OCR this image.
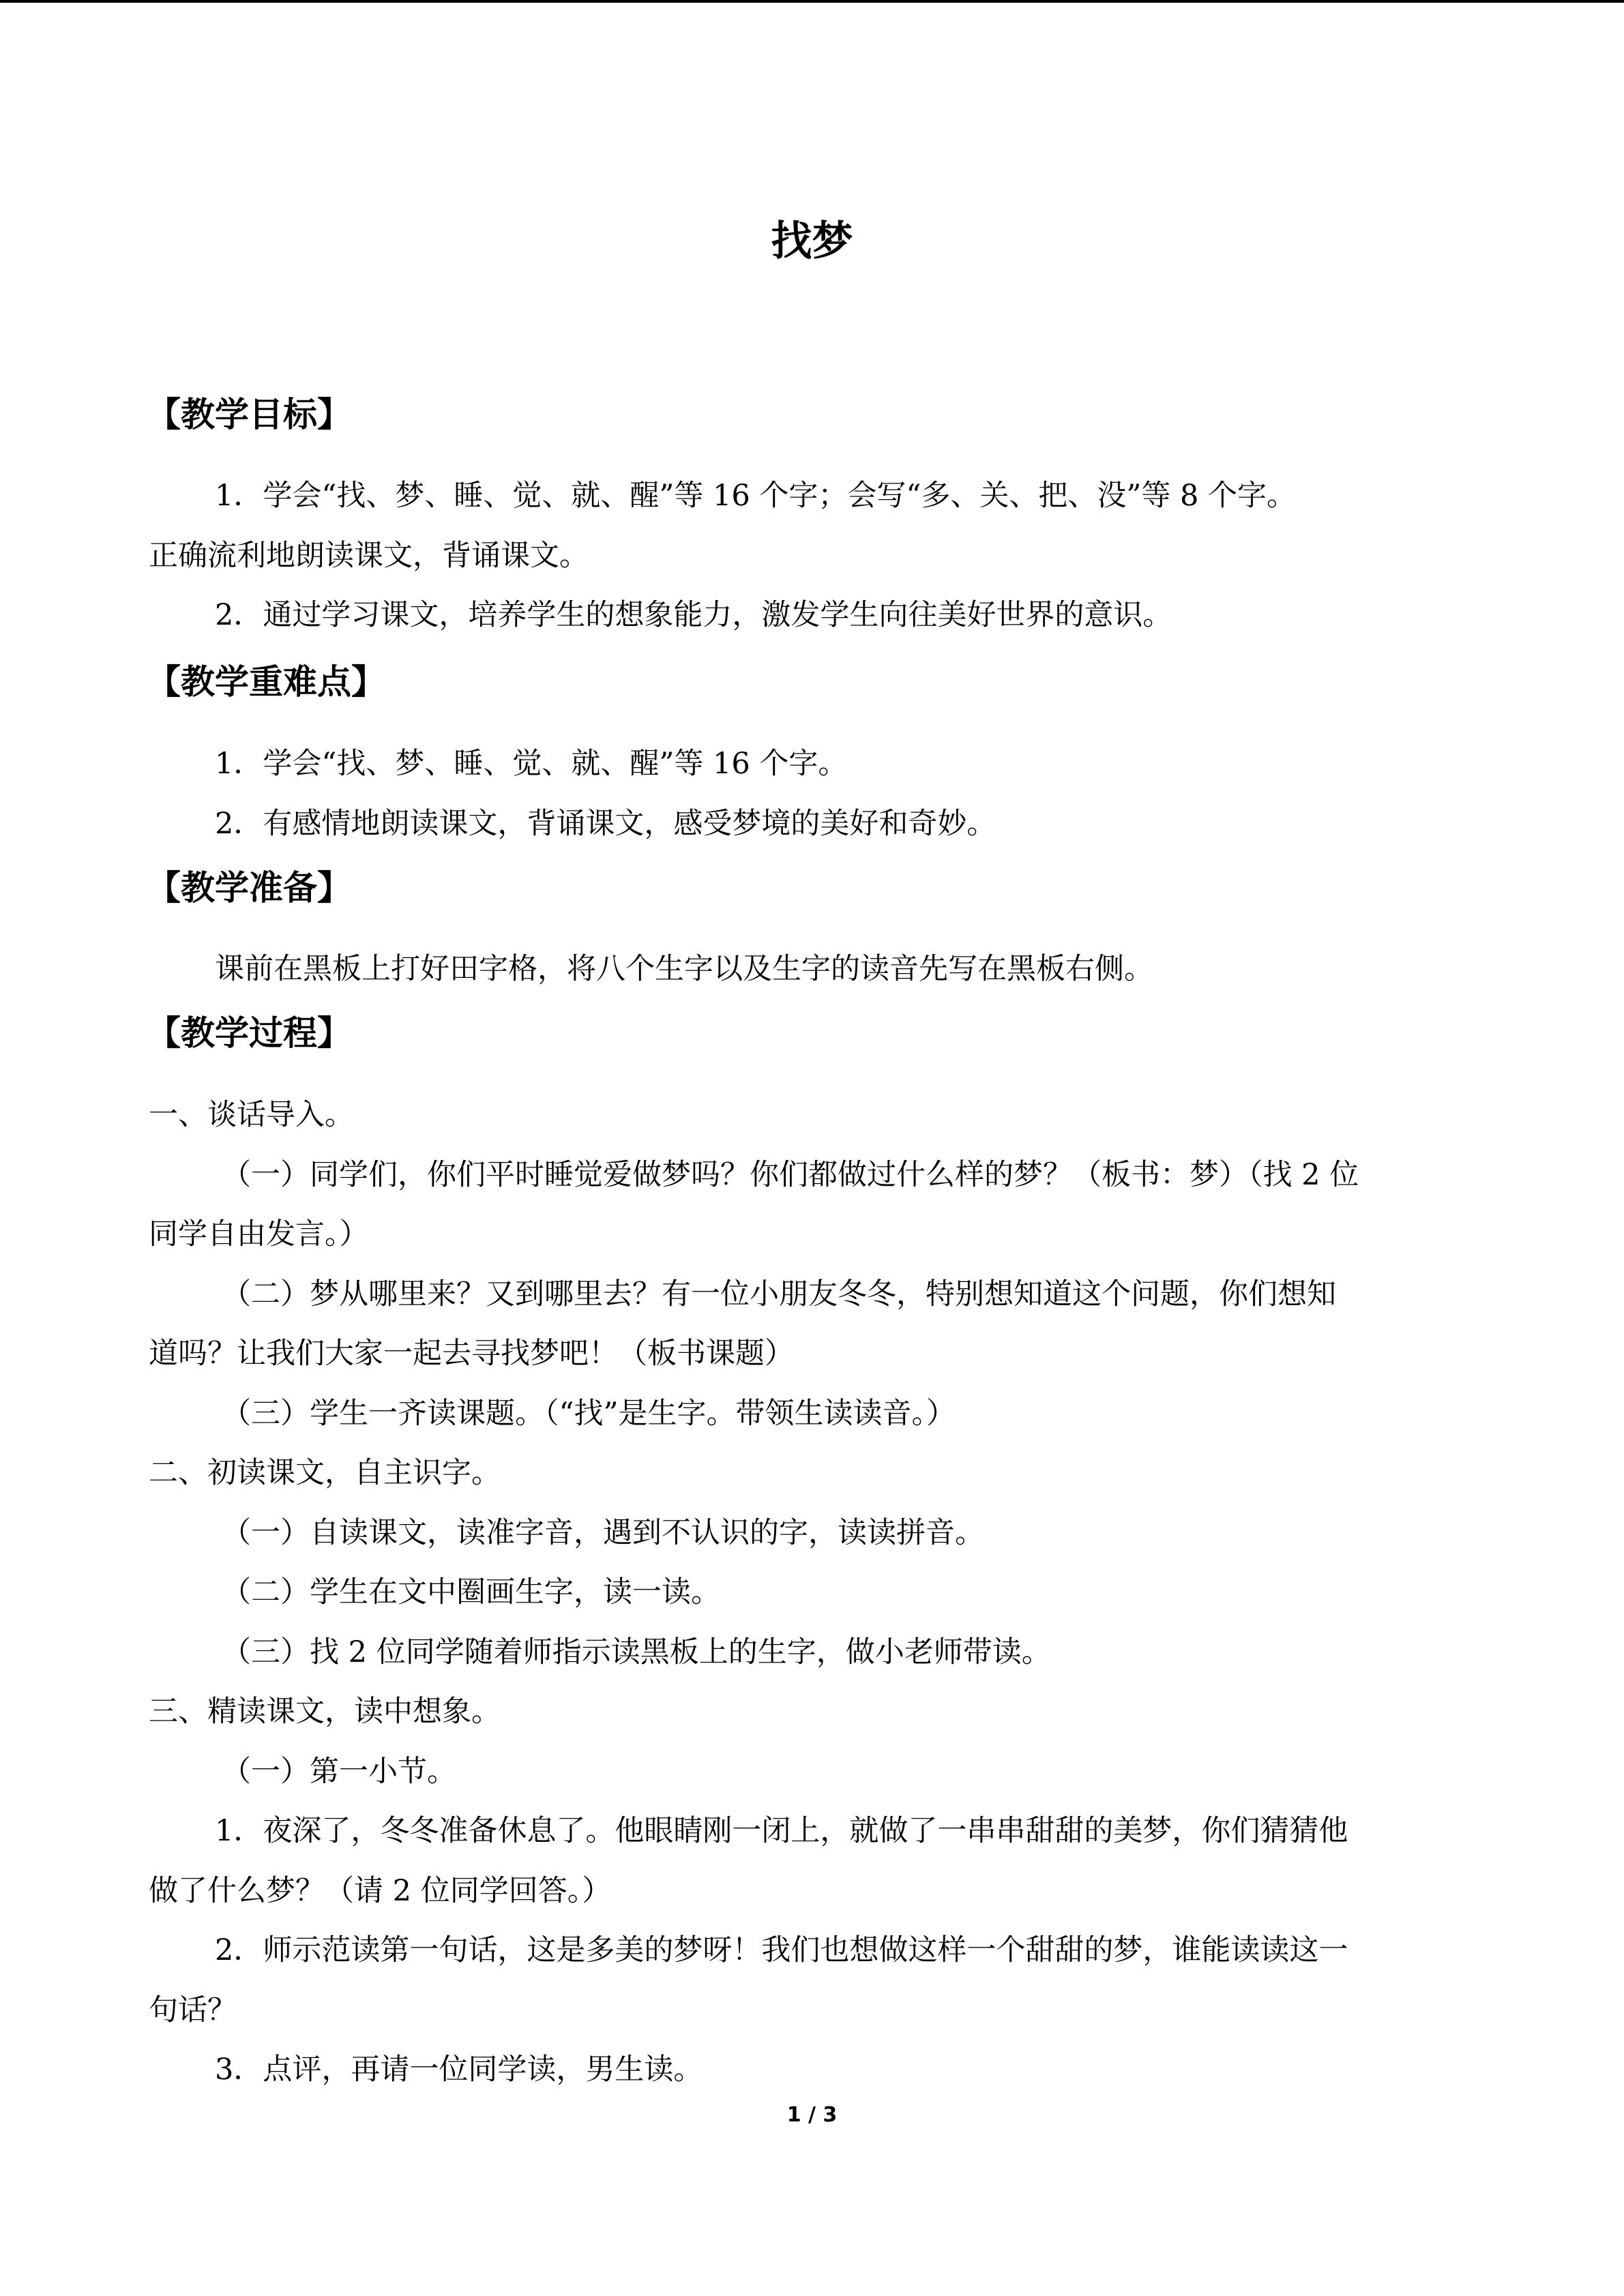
找梦
【教学目标】
1．学会“找、梦、睡、觉、就、醒”等 16 个字；会写“多、关、把、没”等 8 个字。
正确流利地朗读课文，背诵课文。
2．通过学习课文，培养学生的想象能力，激发学生向往美好世界的意识。
【教学重难点】
1．学会“找、梦、睡、觉、就、醒”等 16 个字。
2．有感情地朗读课文，背诵课文，感受梦境的美好和奇妙。
【教学准备】
课前在黑板上打好田字格，将八个生字以及生字的读音先写在黑板右侧。
【教学过程】
一、谈话导入。
（一）同学们，你们平时睡觉爱做梦吗？你们都做过什么样的梦？（板书：梦）（找 2 位
同学自由发言。）
（二）梦从哪里来？又到哪里去？有一位小朋友冬冬，特别想知道这个问题，你们想知
道吗？让我们大家一起去寻找梦吧！（板书课题）
（三）学生一齐读课题。（“找”是生字。带领生读读音。）
二、初读课文，自主识字。
（一）自读课文，读准字音，遇到不认识的字，读读拼音。
（二）学生在文中圈画生字，读一读。
（三）找 2 位同学随着师指示读黑板上的生字，做小老师带读。
三、精读课文，读中想象。
（一）第一小节。
1．夜深了，冬冬准备休息了。他眼睛刚一闭上，就做了一串串甜甜的美梦，你们猜猜他
做了什么梦？（请 2 位同学回答。）
2．师示范读第一句话，这是多美的梦呀！我们也想做这样一个甜甜的梦，谁能读读这一
句话？
3．点评，再请一位同学读，男生读。
1 / 3
